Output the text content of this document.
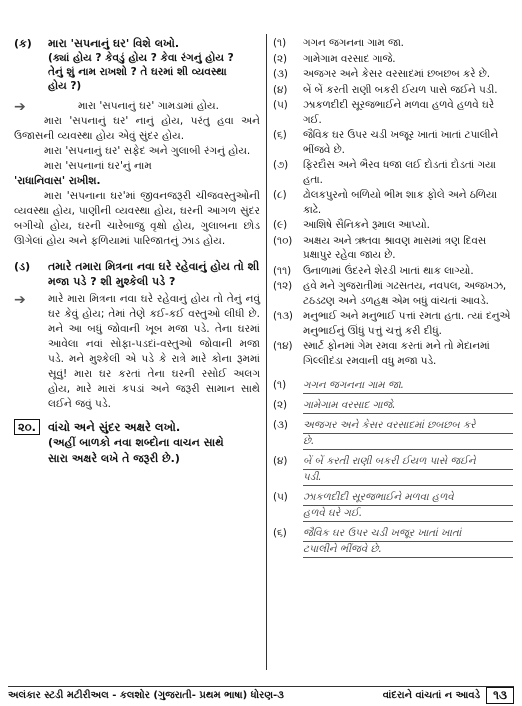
(ક)	મારા 'સપનાનું ઘર' વિશે લખો.
(ક્યાં હોય ? કેવડું હોય ? કેવા રંગનું હોય ?
તેનું શું નામ રાખશો ? તે ઘરમાં શી વ્યવસ્થા
હોય ?)
➔	મારા 'સપનાનું ઘર' ગામડામાં હોય.
મારા 'સપનાનું ઘર' નાનું હોય, પરંતુ હવા અને ઉજાસની વ્યવસ્થા હોય એવું સુંદર હોય.
મારા 'સપનાનું ઘર' સફેદ અને ગુલાબી રંગનું હોય.
મારા 'સપનાનાં ઘર'નું નામ
'રાધાનિવાસ' રાખીશ.
મારા 'સપનાના ઘર'માં જીવનજરૂરી ચીજવસ્તુઓની વ્યવસ્થા હોય, પાણીની વ્યવસ્થા હોય, ઘરની આગળ સુંદર બગીચો હોય, ઘરની ચારેબાજુ વૃક્ષો હોય, ગુલાબના છોડ ઊગેલાં હોય અને ફળિયામાં પારિજાતનું ઝાડ હોય.
(ડ)	તમારે તમારા મિત્રના નવા ઘરે રહેવાનું હોય તો શી મજા પડે ? શી મુશ્કેલી પડે ?
➔ મારે મારા મિત્રના નવા ઘરે રહેવાનું હોય તો તેનું નવું ઘર કેવું હોય; તેમાં તેણે કઈ-કઈ વસ્તુઓ લીધી છે. મને આ બધું જોવાની ખૂબ મજા પડે. તેના ઘરમાં આવેલા નવાં સોફા-પડદાં-વસ્તુઓ જોવાની મજા પડે. મને મુશ્કેલી એ પડે કે રાત્રે મારે કોના રૂમમાં સૂવું! મારા ઘર કરતાં તેના ઘરની રસોઈ અલગ હોય, મારે મારાં કપડાં અને જરૂરી સામાન સાથે લઈને જવું પડે.
૨૦.	વાંચો અને સુંદર અક્ષરે લખો.
(અહીં બાળકો નવા શબ્દોના વાચન સાથે
સારા અક્ષરે લખે તે જરૂરી છે.)
(૧)	ગગન જગનના ગામ જા.
(૨)	ગામેગામ વરસાદ ગાજે.
(૩)	અજગર અને કેસર વરસાદમાં છબછબ કરે છે.
(૪)	બેં બેં કરતી રાણી બકરી ઈયળ પાસે જઈને પડી.
(૫)	ઝાકળદીદી સૂરજભાઈને મળવા હળવે હળવે ઘરે ગઈ.
(૬)	જૈવિક ઘર ઉપર ચડી ખજૂર ખાતાં ખાતાં ટપાલીને ભીંજવે છે.
(૭)	ફિરદૌસ અને ભૈરવ ધજા લઈ દોડતાં દોડતાં ગયા હતા.
(૮)	ઢોલકપુરનો બળિયો ભીમ શાક ફોલે અને ઠળિયા કાઢે.
(૯)	આશિષે સૈનિકને રૂમાલ આપ્યો.
(૧૦)	અક્ષય અને ઋતવા શ્રાવણ માસમાં ત્રણ દિવસ પ્રક્ષાપુર રહેવા જાય છે.
(૧૧)	ઉનાળામાં ઉંદરને શેરડી ખાતાં થાક લાગ્યો.
(૧૨)	હવે મને ગુજરાતીમાં ગઢસતય, નવપલ, અજખઝ, ટઠડઢણ અને ડળહક્ષ એમ બધું વાંચતાં આવડે.
(૧૩) મનુભાઈ અને મનુભાઈ પત્તાં રમતા હતા. ત્યાં દનુએ મનુભાઈનું ઊંધું પત્તું ચત્તું કરી દીધું.
(૧૪)	સ્માર્ટ ફોનમાં ગેમ રમવા કરતાં મને તો મેદાનમાં ગિલ્લીદંડા રમવાની વધુ મજા પડે.
(૧)	ગગન જગનના ગામ જા.
(૨)	ગામેગામ વરસાદ ગાજે.
(૩)	અજગર અને કેસર વરસાદમાં છબછબ કરે
છે.
(૪)	બેં બેં કરતી રાણી બકરી ઈયળ પાસે જઈને
પડી.
(૫)	ઝાકળદીદી સૂરજભાઈને મળવા હળવે
હળવે ઘરે ગઈ.
(૬)	જૈવિક ઘર ઉપર ચડી ખજૂર ખાતાં ખાતાં
ટપાલીને ભીંજવે છે.
અલંકાર સ્ટડી મટીરીઅલ - કલશોર (ગુજરાતી- પ્રથમ ભાષા) ધોરણ-૩	વાંદરાને વાંચતાં ન આવડે	૧૩
